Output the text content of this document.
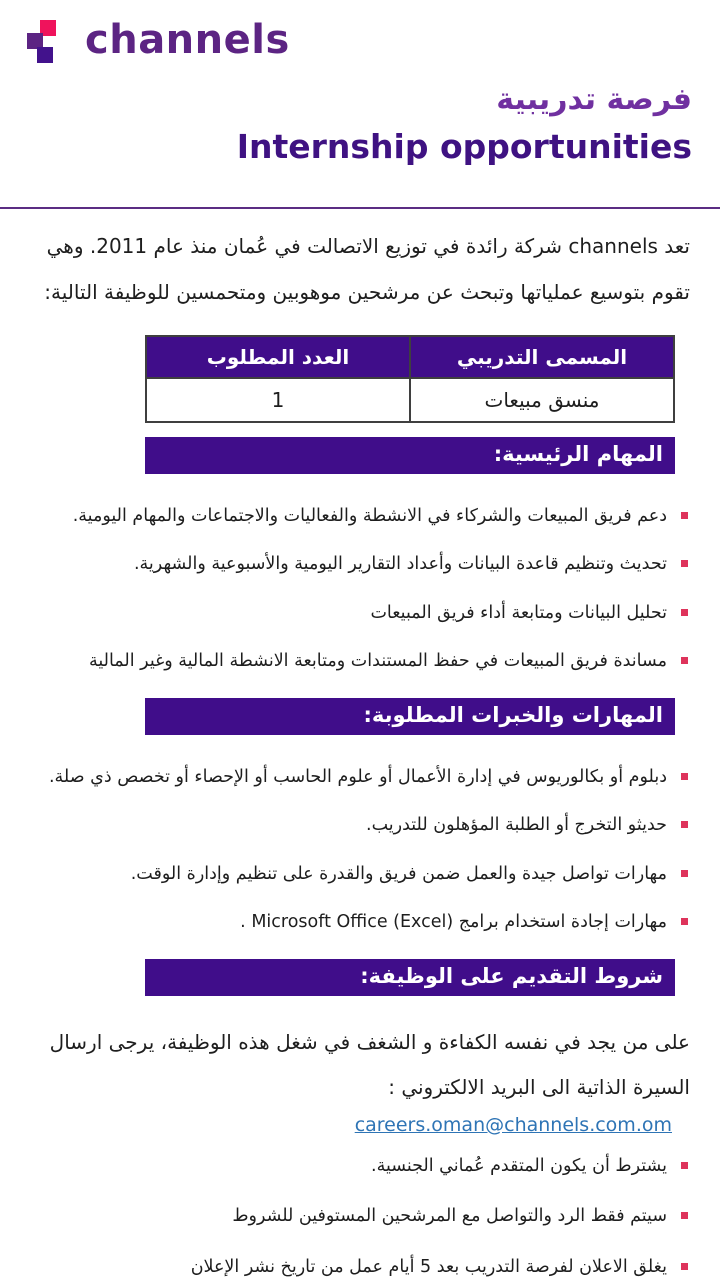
channels
فرصة تدريبية
Internship opportunities

تعد channels شركة رائدة في توزيع الاتصالت في عُمان منذ عام 2011. وهي تقوم بتوسيع عملياتها وتبحث عن مرشحين موهوبين ومتحمسين للوظيفة التالية:

المسمى التدريبي	العدد المطلوب
منسق مبيعات	1
المهام الرئيسية:
دعم فريق المبيعات والشركاء في الانشطة والفعاليات والاجتماعات والمهام اليومية.
تحديث وتنظيم قاعدة البيانات وأعداد التقارير اليومية والأسبوعية والشهرية.
تحليل البيانات ومتابعة أداء فريق المبيعات
مساندة فريق المبيعات في حفظ المستندات ومتابعة الانشطة المالية وغير المالية
المهارات والخبرات المطلوبة:
دبلوم أو بكالوريوس في إدارة الأعمال أو علوم الحاسب أو الإحصاء أو تخصص ذي صلة.
حديثو التخرج أو الطلبة المؤهلون للتدريب.
مهارات تواصل جيدة والعمل ضمن فريق والقدرة على تنظيم وإدارة الوقت.
مهارات إجادة استخدام برامج Microsoft Office (Excel) .
شروط التقديم على الوظيفة:

على من يجد في نفسه الكفاءة و الشغف في شغل هذه الوظيفة، يرجى ارسال السيرة الذاتية الى البريد الالكتروني :

careers.oman@channels.com.om
يشترط أن يكون المتقدم عُماني الجنسية.
سيتم فقط الرد والتواصل مع المرشحين المستوفين للشروط
يغلق الاعلان لفرصة التدريب بعد 5 أيام عمل من تاريخ نشر الإعلان
